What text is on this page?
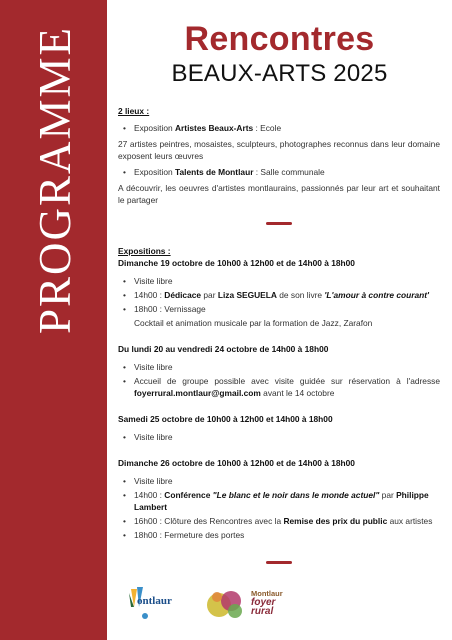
PROGRAMME	Rencontres
BEAUX-ARTS 2025
2 lieux :
• Exposition Artistes Beaux-Arts : Ecole

27 artistes peintres, mosaistes, sculpteurs, photographes reconnus dans leur domaine exposent leurs œuvres

• Exposition Talents de Montlaur : Salle communale

A découvrir, les oeuvres d'artistes montlaurains, passionnés par leur art et souhaitant le partager

Expositions :
Dimanche 19 octobre de 10h00 à 12h00 et de 14h00 à 18h00
• Visite libre
• 14h00 : Dédicace par Liza SEGUELA de son livre 'L'amour à contre courant'
• 18h00 : Vernissage
Cocktail et animation musicale par la formation de Jazz, Zarafon
Du lundi 20 au vendredi 24 octobre de 14h00 à 18h00
• Visite libre
• Accueil de groupe possible avec visite guidée sur réservation à l'adresse foyerrural.montlaur@gmail.com avant le 14 octobre
Samedi 25 octobre de 10h00 à 12h00 et 14h00 à 18h00
• Visite libre
Dimanche 26 octobre de 10h00 à 12h00 et de 14h00 à 18h00
• Visite libre
• 14h00 : Conférence "Le blanc et le noir dans le monde actuel" par Philippe Lambert
• 16h00 : Clôture des Rencontres avec la Remise des prix du public aux artistes
• 18h00 : Fermeture des portes
ontlaur
Montlaur
foyer
rural
